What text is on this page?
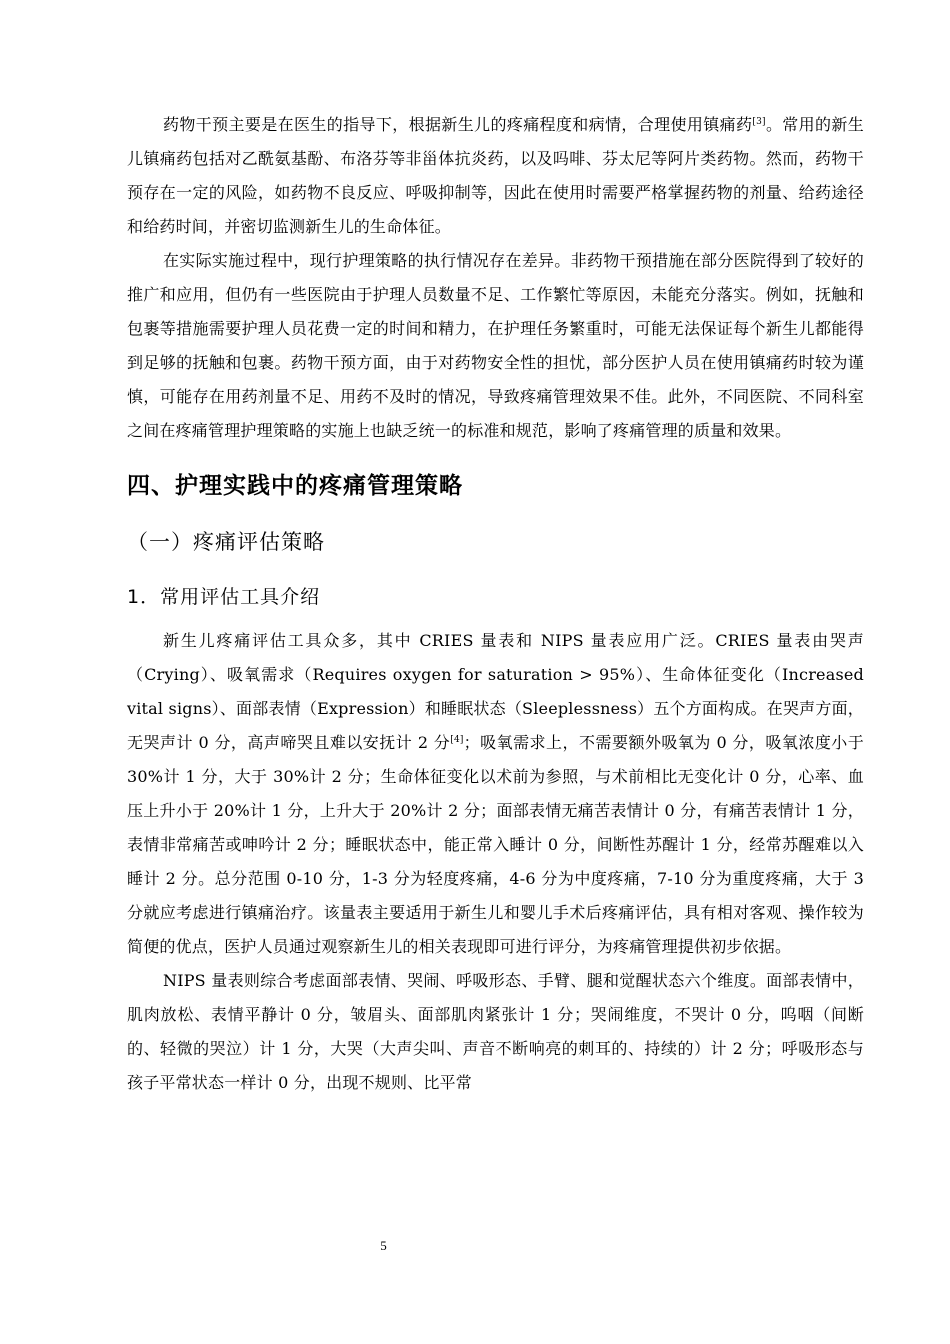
药物干预主要是在医生的指导下，根据新生儿的疼痛程度和病情，合理使用镇痛药[3]。常用的新生儿镇痛药包括对乙酰氨基酚、布洛芬等非甾体抗炎药，以及吗啡、芬太尼等阿片类药物。然而，药物干预存在一定的风险，如药物不良反应、呼吸抑制等，因此在使用时需要严格掌握药物的剂量、给药途径和给药时间，并密切监测新生儿的生命体征。

在实际实施过程中，现行护理策略的执行情况存在差异。非药物干预措施在部分医院得到了较好的推广和应用，但仍有一些医院由于护理人员数量不足、工作繁忙等原因，未能充分落实。例如，抚触和包裹等措施需要护理人员花费一定的时间和精力，在护理任务繁重时，可能无法保证每个新生儿都能得到足够的抚触和包裹。药物干预方面，由于对药物安全性的担忧，部分医护人员在使用镇痛药时较为谨慎，可能存在用药剂量不足、用药不及时的情况，导致疼痛管理效果不佳。此外，不同医院、不同科室之间在疼痛管理护理策略的实施上也缺乏统一的标准和规范，影响了疼痛管理的质量和效果。

四、护理实践中的疼痛管理策略
（一）疼痛评估策略
1．常用评估工具介绍

新生儿疼痛评估工具众多，其中 CRIES 量表和 NIPS 量表应用广泛。CRIES 量表由哭声（Crying）、吸氧需求（Requires oxygen for saturation > 95%）、生命体征变化（Increased vital signs）、面部表情（Expression）和睡眠状态（Sleeplessness）五个方面构成。在哭声方面，无哭声计 0 分，高声啼哭且难以安抚计 2 分[4]；吸氧需求上，不需要额外吸氧为 0 分，吸氧浓度小于 30%计 1 分，大于 30%计 2 分；生命体征变化以术前为参照，与术前相比无变化计 0 分，心率、血压上升小于 20%计 1 分，上升大于 20%计 2 分；面部表情无痛苦表情计 0 分，有痛苦表情计 1 分，表情非常痛苦或呻吟计 2 分；睡眠状态中，能正常入睡计 0 分，间断性苏醒计 1 分，经常苏醒难以入睡计 2 分。总分范围 0-10 分，1-3 分为轻度疼痛，4-6 分为中度疼痛，7-10 分为重度疼痛，大于 3 分就应考虑进行镇痛治疗。该量表主要适用于新生儿和婴儿手术后疼痛评估，具有相对客观、操作较为简便的优点，医护人员通过观察新生儿的相关表现即可进行评分，为疼痛管理提供初步依据。

NIPS 量表则综合考虑面部表情、哭闹、呼吸形态、手臂、腿和觉醒状态六个维度。面部表情中，肌肉放松、表情平静计 0 分，皱眉头、面部肌肉紧张计 1 分；哭闹维度，不哭计 0 分，呜咽（间断的、轻微的哭泣）计 1 分，大哭（大声尖叫、声音不断响亮的刺耳的、持续的）计 2 分；呼吸形态与孩子平常状态一样计 0 分，出现不规则、比平常

5
